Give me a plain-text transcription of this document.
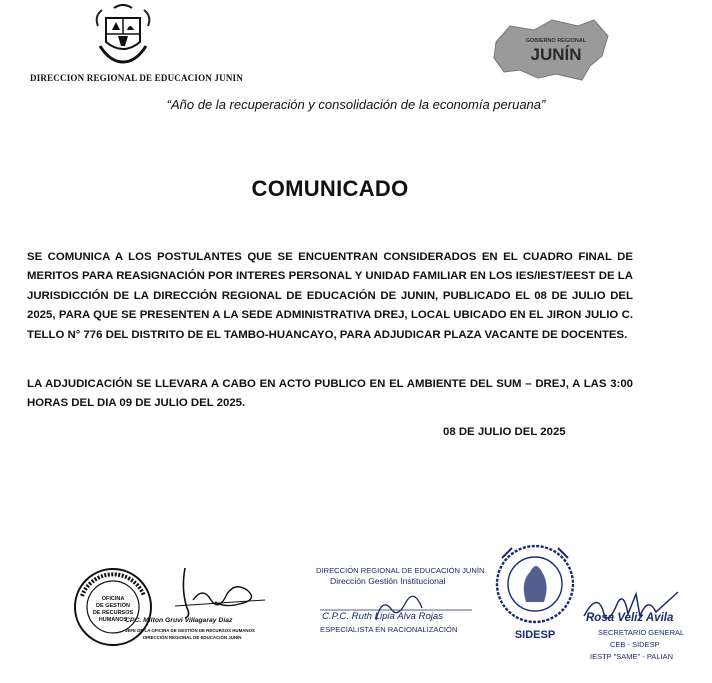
DIRECCION REGIONAL DE EDUCACION JUNIN
GOBIERNO REGIONAL
JUNÍN
“Año de la recuperación y consolidación de la economía peruana”
COMUNICADO
SE COMUNICA A LOS POSTULANTES QUE SE ENCUENTRAN CONSIDERADOS EN EL CUADRO FINAL DE MERITOS PARA REASIGNACIÓN POR INTERES PERSONAL Y UNIDAD FAMILIAR EN LOS IES/IEST/EEST DE LA JURISDICCIÓN DE LA DIRECCIÓN REGIONAL DE EDUCACIÓN DE JUNIN, PUBLICADO EL 08 DE JULIO DEL 2025, PARA QUE SE PRESENTEN A LA SEDE ADMINISTRATIVA DREJ, LOCAL UBICADO EN EL JIRON JULIO C. TELLO N° 776 DEL DISTRITO DE EL TAMBO-HUANCAYO, PARA ADJUDICAR PLAZA VACANTE DE DOCENTES.
LA ADJUDICACIÓN SE LLEVARA A CABO EN ACTO PUBLICO EN EL AMBIENTE DEL SUM – DREJ, A LAS 3:00 HORAS DEL DIA 09 DE JULIO DEL 2025.
08 DE JULIO DEL 2025
OFICINA
DE GESTIÓN
DE RECURSOS
HUMANOS
CPC. Milton Gruvi Villagaray Diaz
JEFE DE LA OFICINA DE GESTIÓN DE RECURSOS HUMANOS
DIRECCIÓN REGIONAL DE EDUCACIÓN JUNÍN
DIRECCIÓN REGIONAL DE EDUCACIÓN JUNÍN
Dirección Gestión Institucional
C.P.C. Ruth Lipia Alva Rojas
ESPECIALISTA EN RACIONALIZACIÓN	SIDESP
Rosa Veliz Avila
SECRETARIO GENERAL
CEB - SIDESP
IESTP "SAME" - PALIAN
